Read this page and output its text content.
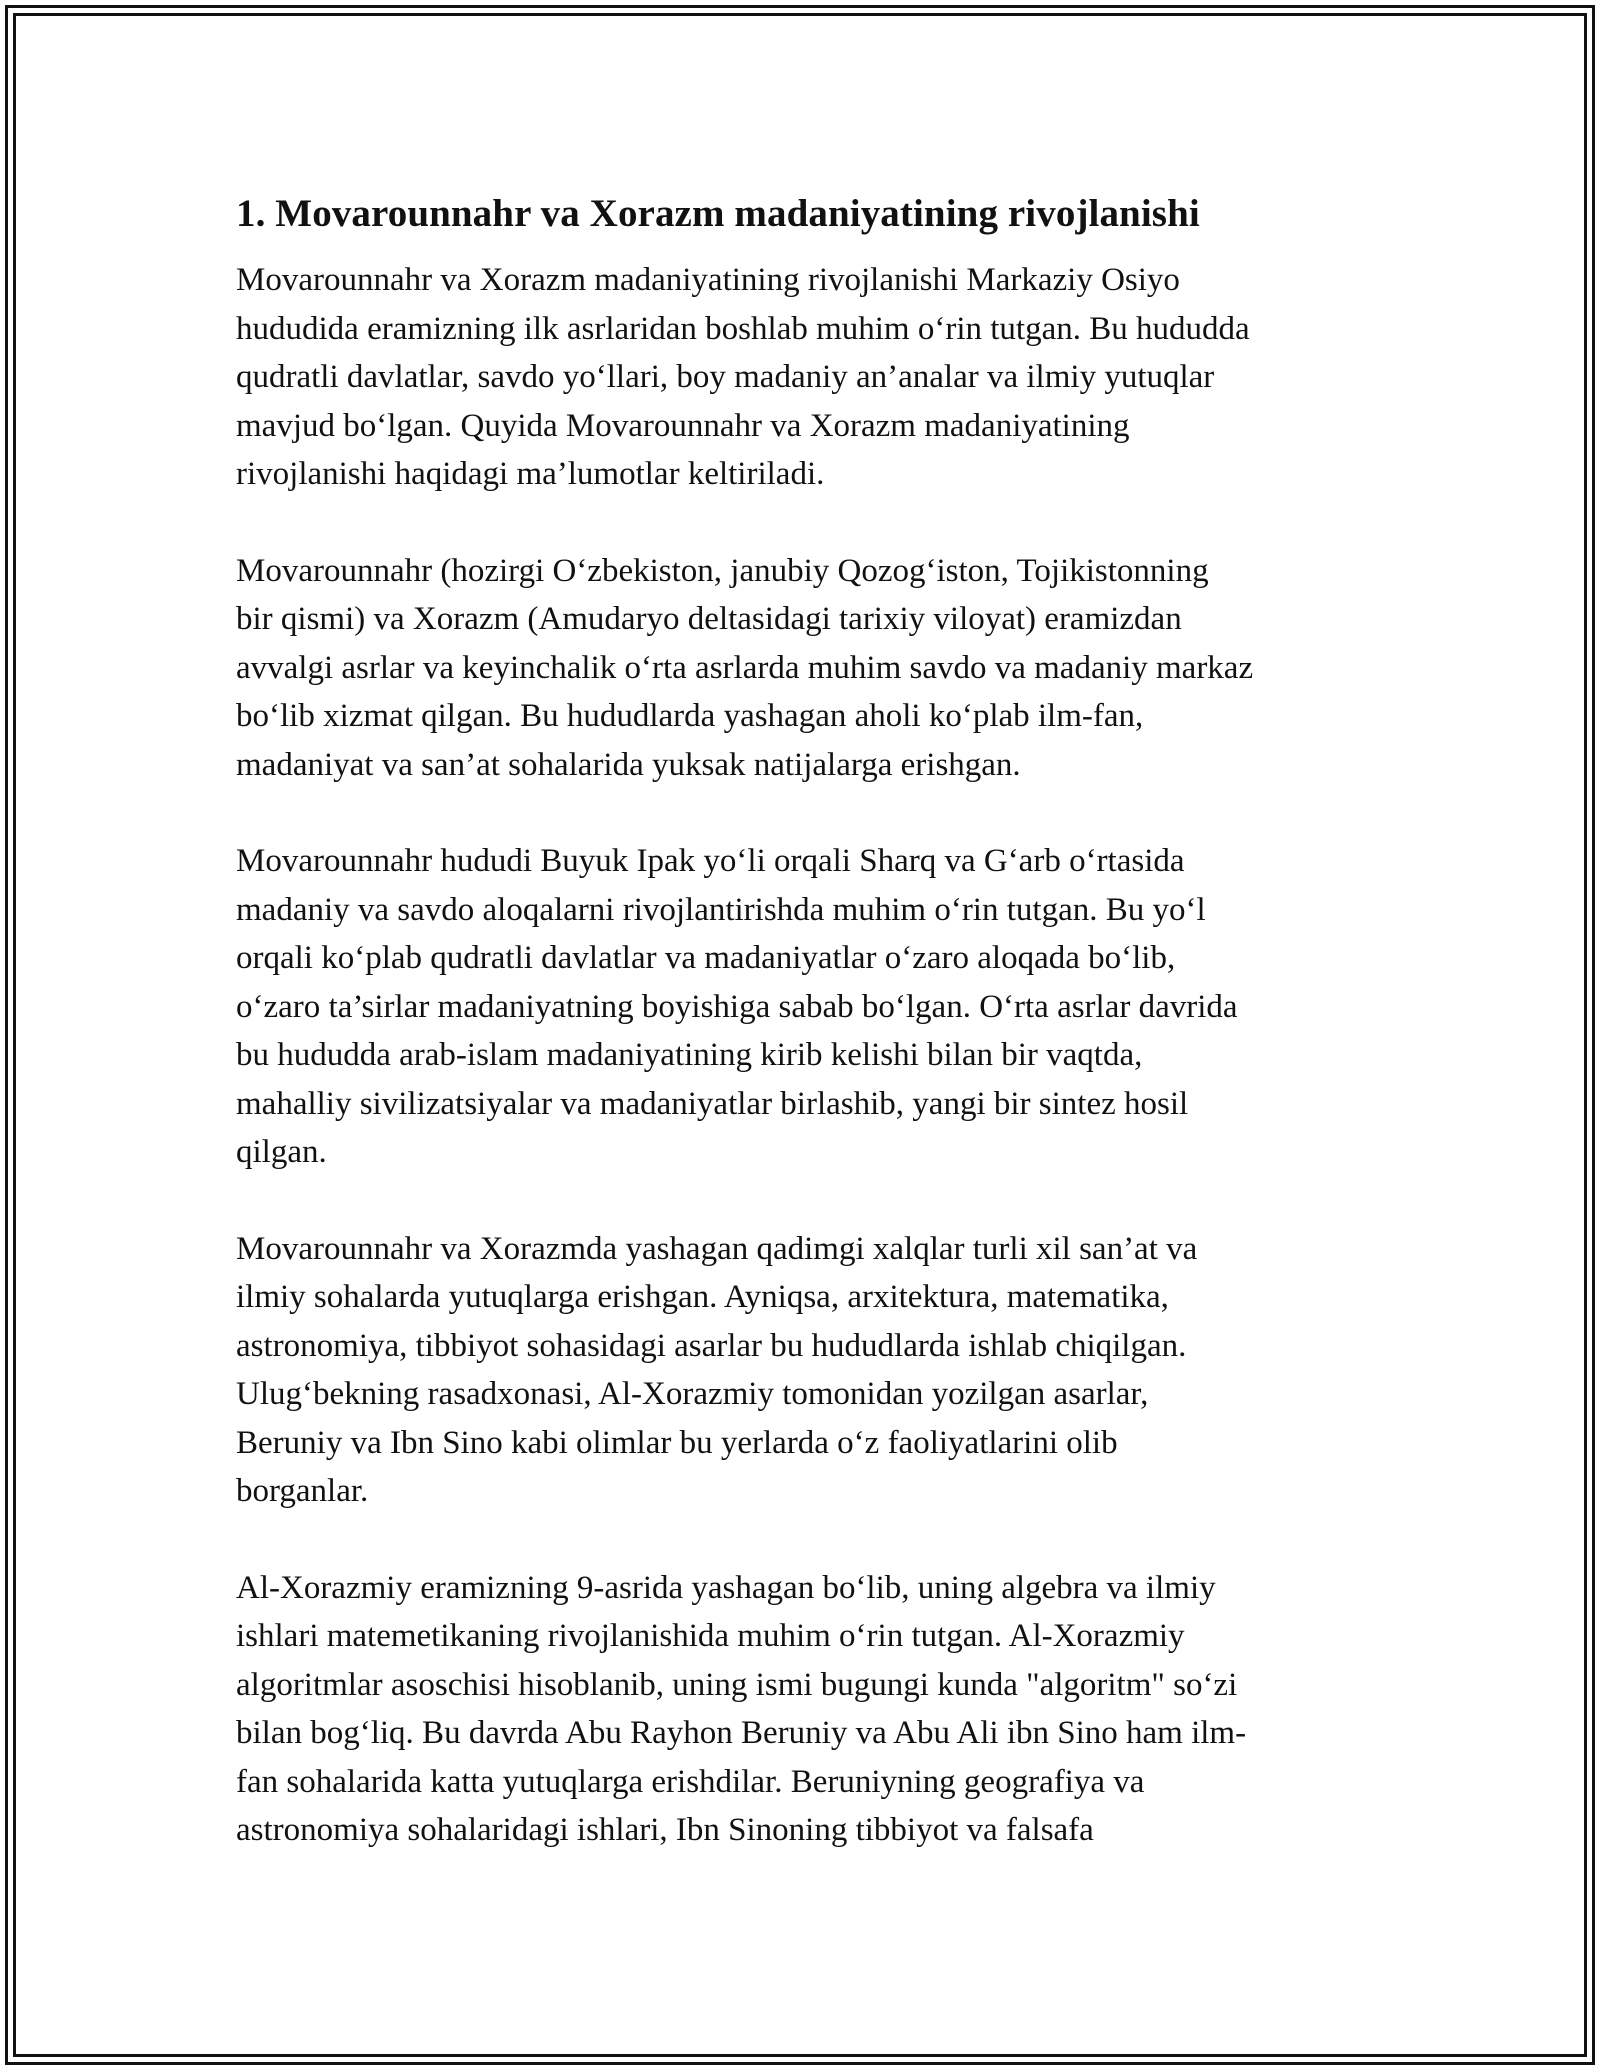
1. Movarounnahr va Xorazm madaniyatining rivojlanishi

Movarounnahr va Xorazm madaniyatining rivojlanishi Markaziy Osiyo
hududida eramizning ilk asrlaridan boshlab muhim o‘rin tutgan. Bu hududda
qudratli davlatlar, savdo yo‘llari, boy madaniy an’analar va ilmiy yutuqlar
mavjud bo‘lgan. Quyida Movarounnahr va Xorazm madaniyatining
rivojlanishi haqidagi ma’lumotlar keltiriladi.

Movarounnahr (hozirgi O‘zbekiston, janubiy Qozog‘iston, Tojikistonning
bir qismi) va Xorazm (Amudaryo deltasidagi tarixiy viloyat) eramizdan
avvalgi asrlar va keyinchalik o‘rta asrlarda muhim savdo va madaniy markaz
bo‘lib xizmat qilgan. Bu hududlarda yashagan aholi ko‘plab ilm-fan,
madaniyat va san’at sohalarida yuksak natijalarga erishgan.

Movarounnahr hududi Buyuk Ipak yo‘li orqali Sharq va G‘arb o‘rtasida
madaniy va savdo aloqalarni rivojlantirishda muhim o‘rin tutgan. Bu yo‘l
orqali ko‘plab qudratli davlatlar va madaniyatlar o‘zaro aloqada bo‘lib,
o‘zaro ta’sirlar madaniyatning boyishiga sabab bo‘lgan. O‘rta asrlar davrida
bu hududda arab-islam madaniyatining kirib kelishi bilan bir vaqtda,
mahalliy sivilizatsiyalar va madaniyatlar birlashib, yangi bir sintez hosil
qilgan.

Movarounnahr va Xorazmda yashagan qadimgi xalqlar turli xil san’at va
ilmiy sohalarda yutuqlarga erishgan. Ayniqsa, arxitektura, matematika,
astronomiya, tibbiyot sohasidagi asarlar bu hududlarda ishlab chiqilgan.
Ulug‘bekning rasadxonasi, Al-Xorazmiy tomonidan yozilgan asarlar,
Beruniy va Ibn Sino kabi olimlar bu yerlarda o‘z faoliyatlarini olib
borganlar.

Al-Xorazmiy eramizning 9-asrida yashagan bo‘lib, uning algebra va ilmiy
ishlari matemetikaning rivojlanishida muhim o‘rin tutgan. Al-Xorazmiy
algoritmlar asoschisi hisoblanib, uning ismi bugungi kunda "algoritm" so‘zi
bilan bog‘liq. Bu davrda Abu Rayhon Beruniy va Abu Ali ibn Sino ham ilm-
fan sohalarida katta yutuqlarga erishdilar. Beruniyning geografiya va
astronomiya sohalaridagi ishlari, Ibn Sinoning tibbiyot va falsafa
